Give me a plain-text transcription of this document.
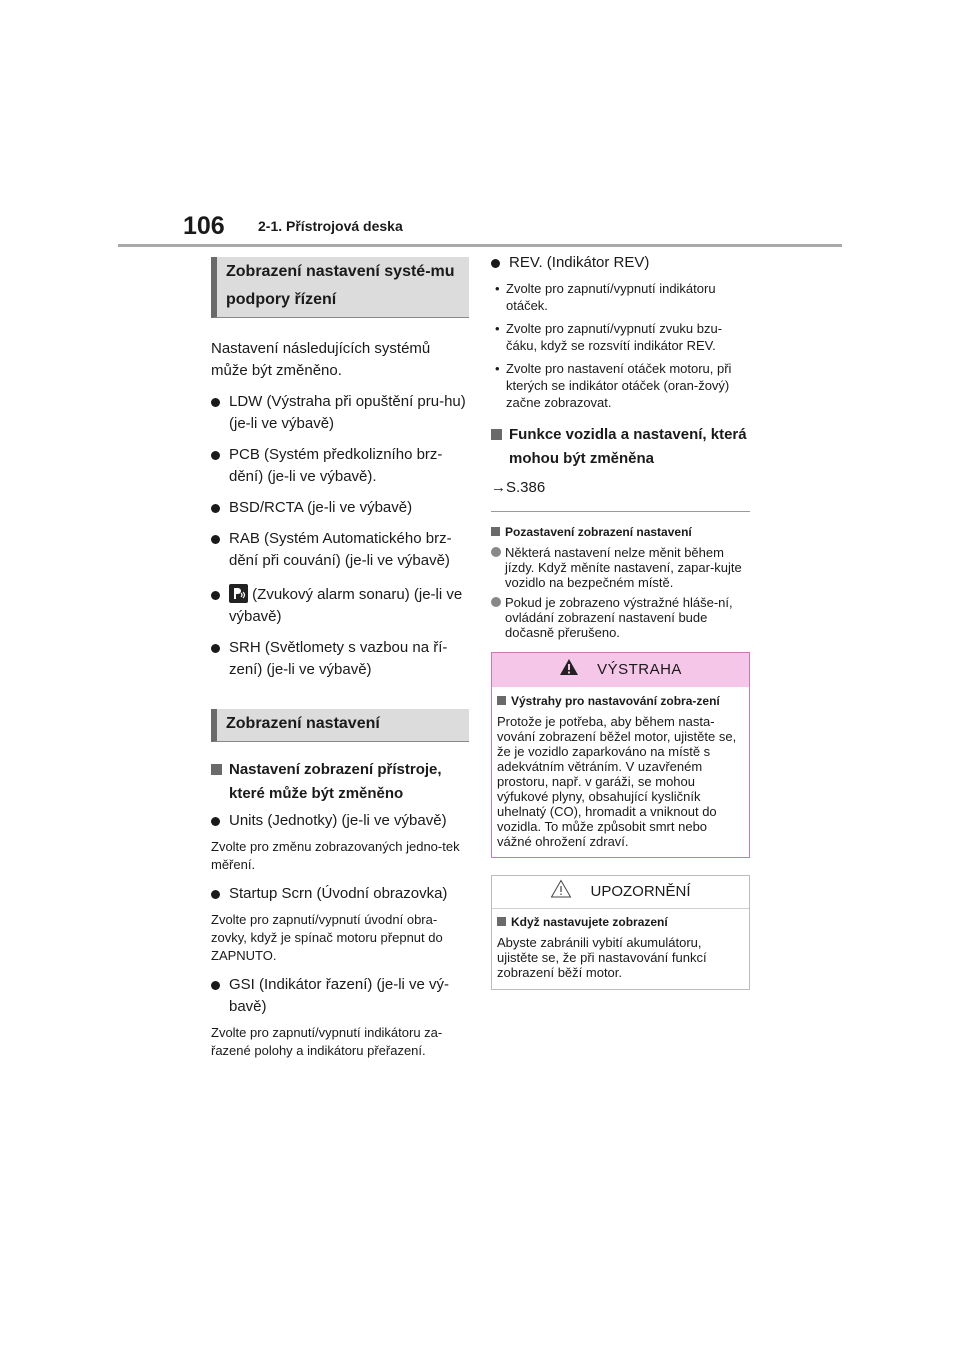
106 2-1. Přístrojová deska
Zobrazení nastavení systé-mu podpory řízení

Nastavení následujících systémů může být změněno.

LDW (Výstraha při opuštění pru-hu) (je-li ve výbavě)
PCB (Systém předkolizního brz-dění) (je-li ve výbavě).
BSD/RCTA (je-li ve výbavě)
RAB (Systém Automatického brz-dění při couvání) (je-li ve výbavě)
(Zvukový alarm sonaru) (je-li ve výbavě)
SRH (Světlomety s vazbou na ří-zení) (je-li ve výbavě)
Zobrazení nastavení
Nastavení zobrazení přístroje, které může být změněno
Units (Jednotky) (je-li ve výbavě)
Zvolte pro změnu zobrazovaných jedno-tek měření.
Startup Scrn (Úvodní obrazovka)
Zvolte pro zapnutí/vypnutí úvodní obra-zovky, když je spínač motoru přepnut do ZAPNUTO.
GSI (Indikátor řazení) (je-li ve vý-bavě)
Zvolte pro zapnutí/vypnutí indikátoru za-řazené polohy a indikátoru přeřazení.
REV. (Indikátor REV)
• Zvolte pro zapnutí/vypnutí indikátoru otáček.
• Zvolte pro zapnutí/vypnutí zvuku bzu-čáku, když se rozsvítí indikátor REV.
• Zvolte pro nastavení otáček motoru, při kterých se indikátor otáček (oran-žový) začne zobrazovat.
Funkce vozidla a nastavení, která mohou být změněna
→S.386
Pozastavení zobrazení nastavení
Některá nastavení nelze měnit během jízdy. Když měníte nastavení, zapar-kujte vozidlo na bezpečném místě.
Pokud je zobrazeno výstražné hláše-ní, ovládání zobrazení nastavení bude dočasně přerušeno.
VÝSTRAHA
Výstrahy pro nastavování zobra-zení
Protože je potřeba, aby během nasta-vování zobrazení běžel motor, ujistěte se, že je vozidlo zaparkováno na místě s adekvátním větráním. V uzavřeném prostoru, např. v garáži, se mohou výfukové plyny, obsahující kysličník uhelnatý (CO), hromadit a vniknout do vozidla. To může způsobit smrt nebo vážné ohrožení zdraví.
UPOZORNĚNÍ
Když nastavujete zobrazení
Abyste zabránili vybití akumulátoru, ujistěte se, že při nastavování funkcí zobrazení běží motor.
